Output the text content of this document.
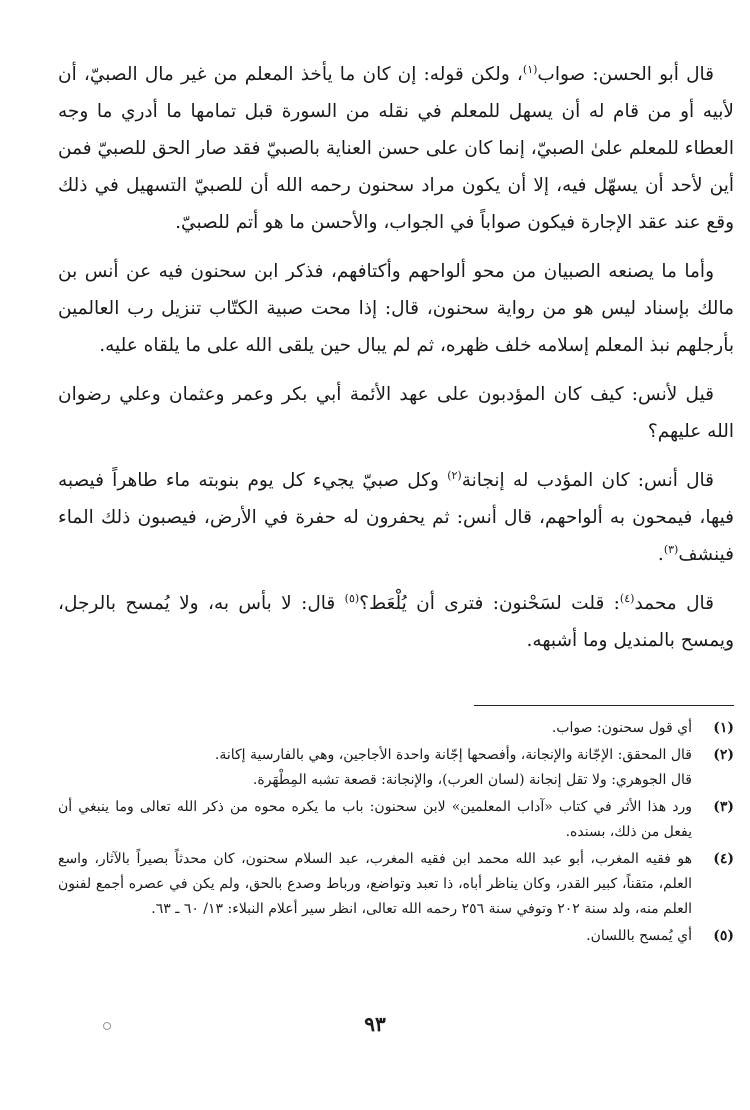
قال أبو الحسن: صواب$^{(١)}$، ولكن قوله: إن كان ما يأخذ المعلم من غير مال الصبيّ، أن لأبيه أو من قام له أن يسهل للمعلم في نقله من السورة قبل تمامها ما أدري ما وجه العطاء للمعلم علىٰ الصبيّ، إنما كان على حسن العناية بالصبيّ فقد صار الحق للصبيّ فمن أين لأحد أن يسهّل فيه، إلا أن يكون مراد سحنون رحمه الله أن للصبيّ التسهيل في ذلك وقع عند عقد الإجارة فيكون صواباً في الجواب، والأحسن ما هو أتم للصبيّ.

وأما ما يصنعه الصبيان من محو ألواحهم وأكتافهم، فذكر ابن سحنون فيه عن أنس بن مالك بإسناد ليس هو من رواية سحنون، قال: إذا محت صبية الكتّاب تنزيل رب العالمين بأرجلهم نبذ المعلم إسلامه خلف ظهره، ثم لم يبال حين يلقى الله على ما يلقاه عليه.

قيل لأنس: كيف كان المؤدبون على عهد الأئمة أبي بكر وعمر وعثمان وعلي رضوان الله عليهم؟

قال أنس: كان المؤدب له إنجانة$^{(٢)}$ وكل صبيّ يجيء كل يوم بنوبته ماء طاهراً فيصبه فيها، فيمحون به ألواحهم، قال أنس: ثم يحفرون له حفرة في الأرض، فيصبون ذلك الماء فينشف$^{(٣)}$.

قال محمد$^{(٤)}$: قلت لسَحْنون: فترى أن يُلْعَط؟$^{(٥)}$ قال: لا بأس به، ولا يُمسح بالرجل، ويمسح بالمنديل وما أشبهه.

(١)
أي قول سحنون: صواب.
(٢)
قال المحقق: الإجّانة والإنجانة، وأفصحها إجّانة واحدة الأجاجين، وهي بالفارسية إكانة.
قال الجوهري: ولا تقل إنجانة (لسان العرب)، والإنجانة: قصعة تشبه المِطْهَرة.
(٣)
ورد هذا الأثر في كتاب «آداب المعلمين» لابن سحنون: باب ما يكره محوه من ذكر الله تعالى وما ينبغي أن يفعل من ذلك، بسنده.
(٤)
هو فقيه المغرب، أبو عبد الله محمد ابن فقيه المغرب، عبد السلام سحنون، كان محدثاً بصيراً بالآثار، واسع العلم، متقناً، كبير القدر، وكان يناظر أباه، ذا تعبد وتواضع، ورباط وصدع بالحق، ولم يكن في عصره أجمع لفنون العلم منه، ولد سنة ٢٠٢ وتوفي سنة ٢٥٦ رحمه الله تعالى، انظر سير أعلام النبلاء: ١٣/ ٦٠ ـ ٦٣.
(٥)
أي يُمسح باللسان.
٩٣
